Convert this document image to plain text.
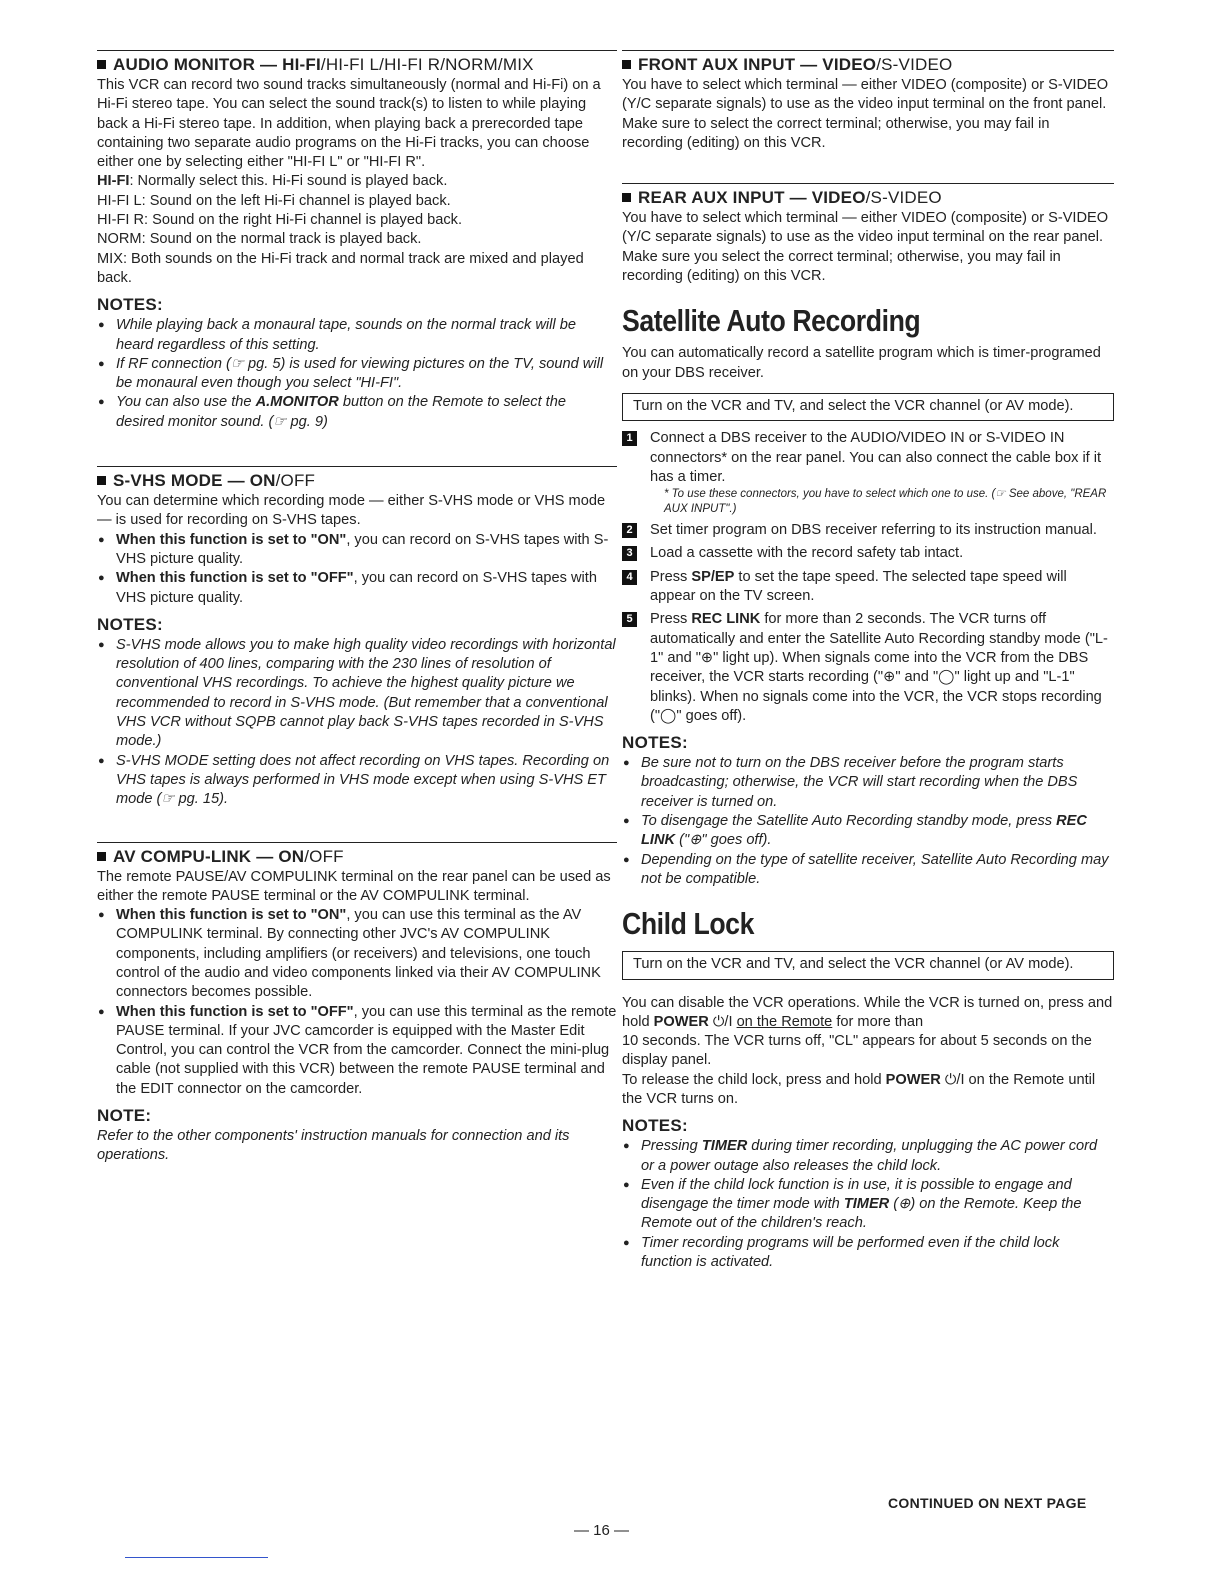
AUDIO MONITOR — HI-FI/HI-FI L/HI-FI R/NORM/MIX

This VCR can record two sound tracks simultaneously (normal and Hi-Fi) on a Hi-Fi stereo tape. You can select the sound track(s) to listen to while playing back a Hi-Fi stereo tape. In addition, when playing back a prerecorded tape containing two separate audio programs on the Hi-Fi tracks, you can choose either one by selecting either "HI-FI L" or "HI-FI R".

HI-FI: Normally select this. Hi-Fi sound is played back.

HI-FI L: Sound on the left Hi-Fi channel is played back.

HI-FI R: Sound on the right Hi-Fi channel is played back.

NORM: Sound on the normal track is played back.

MIX: Both sounds on the Hi-Fi track and normal track are mixed and played back.

NOTES:
● While playing back a monaural tape, sounds on the normal track will be heard regardless of this setting.
● If RF connection (☞ pg. 5) is used for viewing pictures on the TV, sound will be monaural even though you select "HI-FI".
● You can also use the A.MONITOR button on the Remote to select the desired monitor sound. (☞ pg. 9)
S-VHS MODE — ON/OFF

You can determine which recording mode — either S-VHS mode or VHS mode — is used for recording on S-VHS tapes.

● When this function is set to "ON", you can record on S-VHS tapes with S-VHS picture quality.
● When this function is set to "OFF", you can record on S-VHS tapes with VHS picture quality.
NOTES:
● S-VHS mode allows you to make high quality video recordings with horizontal resolution of 400 lines, comparing with the 230 lines of resolution of conventional VHS recordings. To achieve the highest quality picture we recommended to record in S-VHS mode. (But remember that a conventional VHS VCR without SQPB cannot play back S-VHS tapes recorded in S-VHS mode.)
● S-VHS MODE setting does not affect recording on VHS tapes. Recording on VHS tapes is always performed in VHS mode except when using S-VHS ET mode (☞ pg. 15).
AV COMPU-LINK — ON/OFF

The remote PAUSE/AV COMPULINK terminal on the rear panel can be used as either the remote PAUSE terminal or the AV COMPULINK terminal.

● When this function is set to "ON", you can use this terminal as the AV COMPULINK terminal. By connecting other JVC's AV COMPULINK components, including amplifiers (or receivers) and televisions, one touch control of the audio and video components linked via their AV COMPULINK connectors becomes possible.
● When this function is set to "OFF", you can use this terminal as the remote PAUSE terminal. If your JVC camcorder is equipped with the Master Edit Control, you can control the VCR from the camcorder. Connect the mini-plug cable (not supplied with this VCR) between the remote PAUSE terminal and the EDIT connector on the camcorder.
NOTE:

Refer to the other components' instruction manuals for connection and its operations.

FRONT AUX INPUT — VIDEO/S-VIDEO

You have to select which terminal — either VIDEO (composite) or S-VIDEO (Y/C separate signals) to use as the video input terminal on the front panel.

Make sure to select the correct terminal; otherwise, you may fail in recording (editing) on this VCR.

REAR AUX INPUT — VIDEO/S-VIDEO

You have to select which terminal — either VIDEO (composite) or S-VIDEO (Y/C separate signals) to use as the video input terminal on the rear panel.

Make sure you select the correct terminal; otherwise, you may fail in recording (editing) on this VCR.

Satellite Auto Recording

You can automatically record a satellite program which is timer-programed on your DBS receiver.

Turn on the VCR and TV, and select the VCR channel (or AV mode).
1	Connect a DBS receiver to the AUDIO/VIDEO IN or S-VIDEO IN connectors* on the rear panel. You can also connect the cable box if it has a timer.
* To use these connectors, you have to select which one to use. (☞ See above, "REAR AUX INPUT".)
2	Set timer program on DBS receiver referring to its instruction manual.
3	Load a cassette with the record safety tab intact.
4	Press SP/EP to set the tape speed. The selected tape speed will appear on the TV screen.
5	Press REC LINK for more than 2 seconds. The VCR turns off automatically and enter the Satellite Auto Recording standby mode ("L-1" and "⊕" light up). When signals come into the VCR from the DBS receiver, the VCR starts recording ("⊕" and "◯" light up and "L-1" blinks). When no signals come into the VCR, the VCR stops recording ("◯" goes off).
NOTES:
● Be sure not to turn on the DBS receiver before the program starts broadcasting; otherwise, the VCR will start recording when the DBS receiver is turned on.
● To disengage the Satellite Auto Recording standby mode, press REC LINK ("⊕" goes off).
● Depending on the type of satellite receiver, Satellite Auto Recording may not be compatible.
Child Lock
Turn on the VCR and TV, and select the VCR channel (or AV mode).

You can disable the VCR operations. While the VCR is turned on, press and hold POWER ⏻/I on the Remote for more than

10 seconds. The VCR turns off, "CL" appears for about 5 seconds on the display panel.

To release the child lock, press and hold POWER ⏻/I on the Remote until the VCR turns on.

NOTES:
● Pressing TIMER during timer recording, unplugging the AC power cord or a power outage also releases the child lock.
● Even if the child lock function is in use, it is possible to engage and disengage the timer mode with TIMER (⊕) on the Remote. Keep the Remote out of the children's reach.
● Timer recording programs will be performed even if the child lock function is activated.
CONTINUED ON NEXT PAGE
— 16 —
